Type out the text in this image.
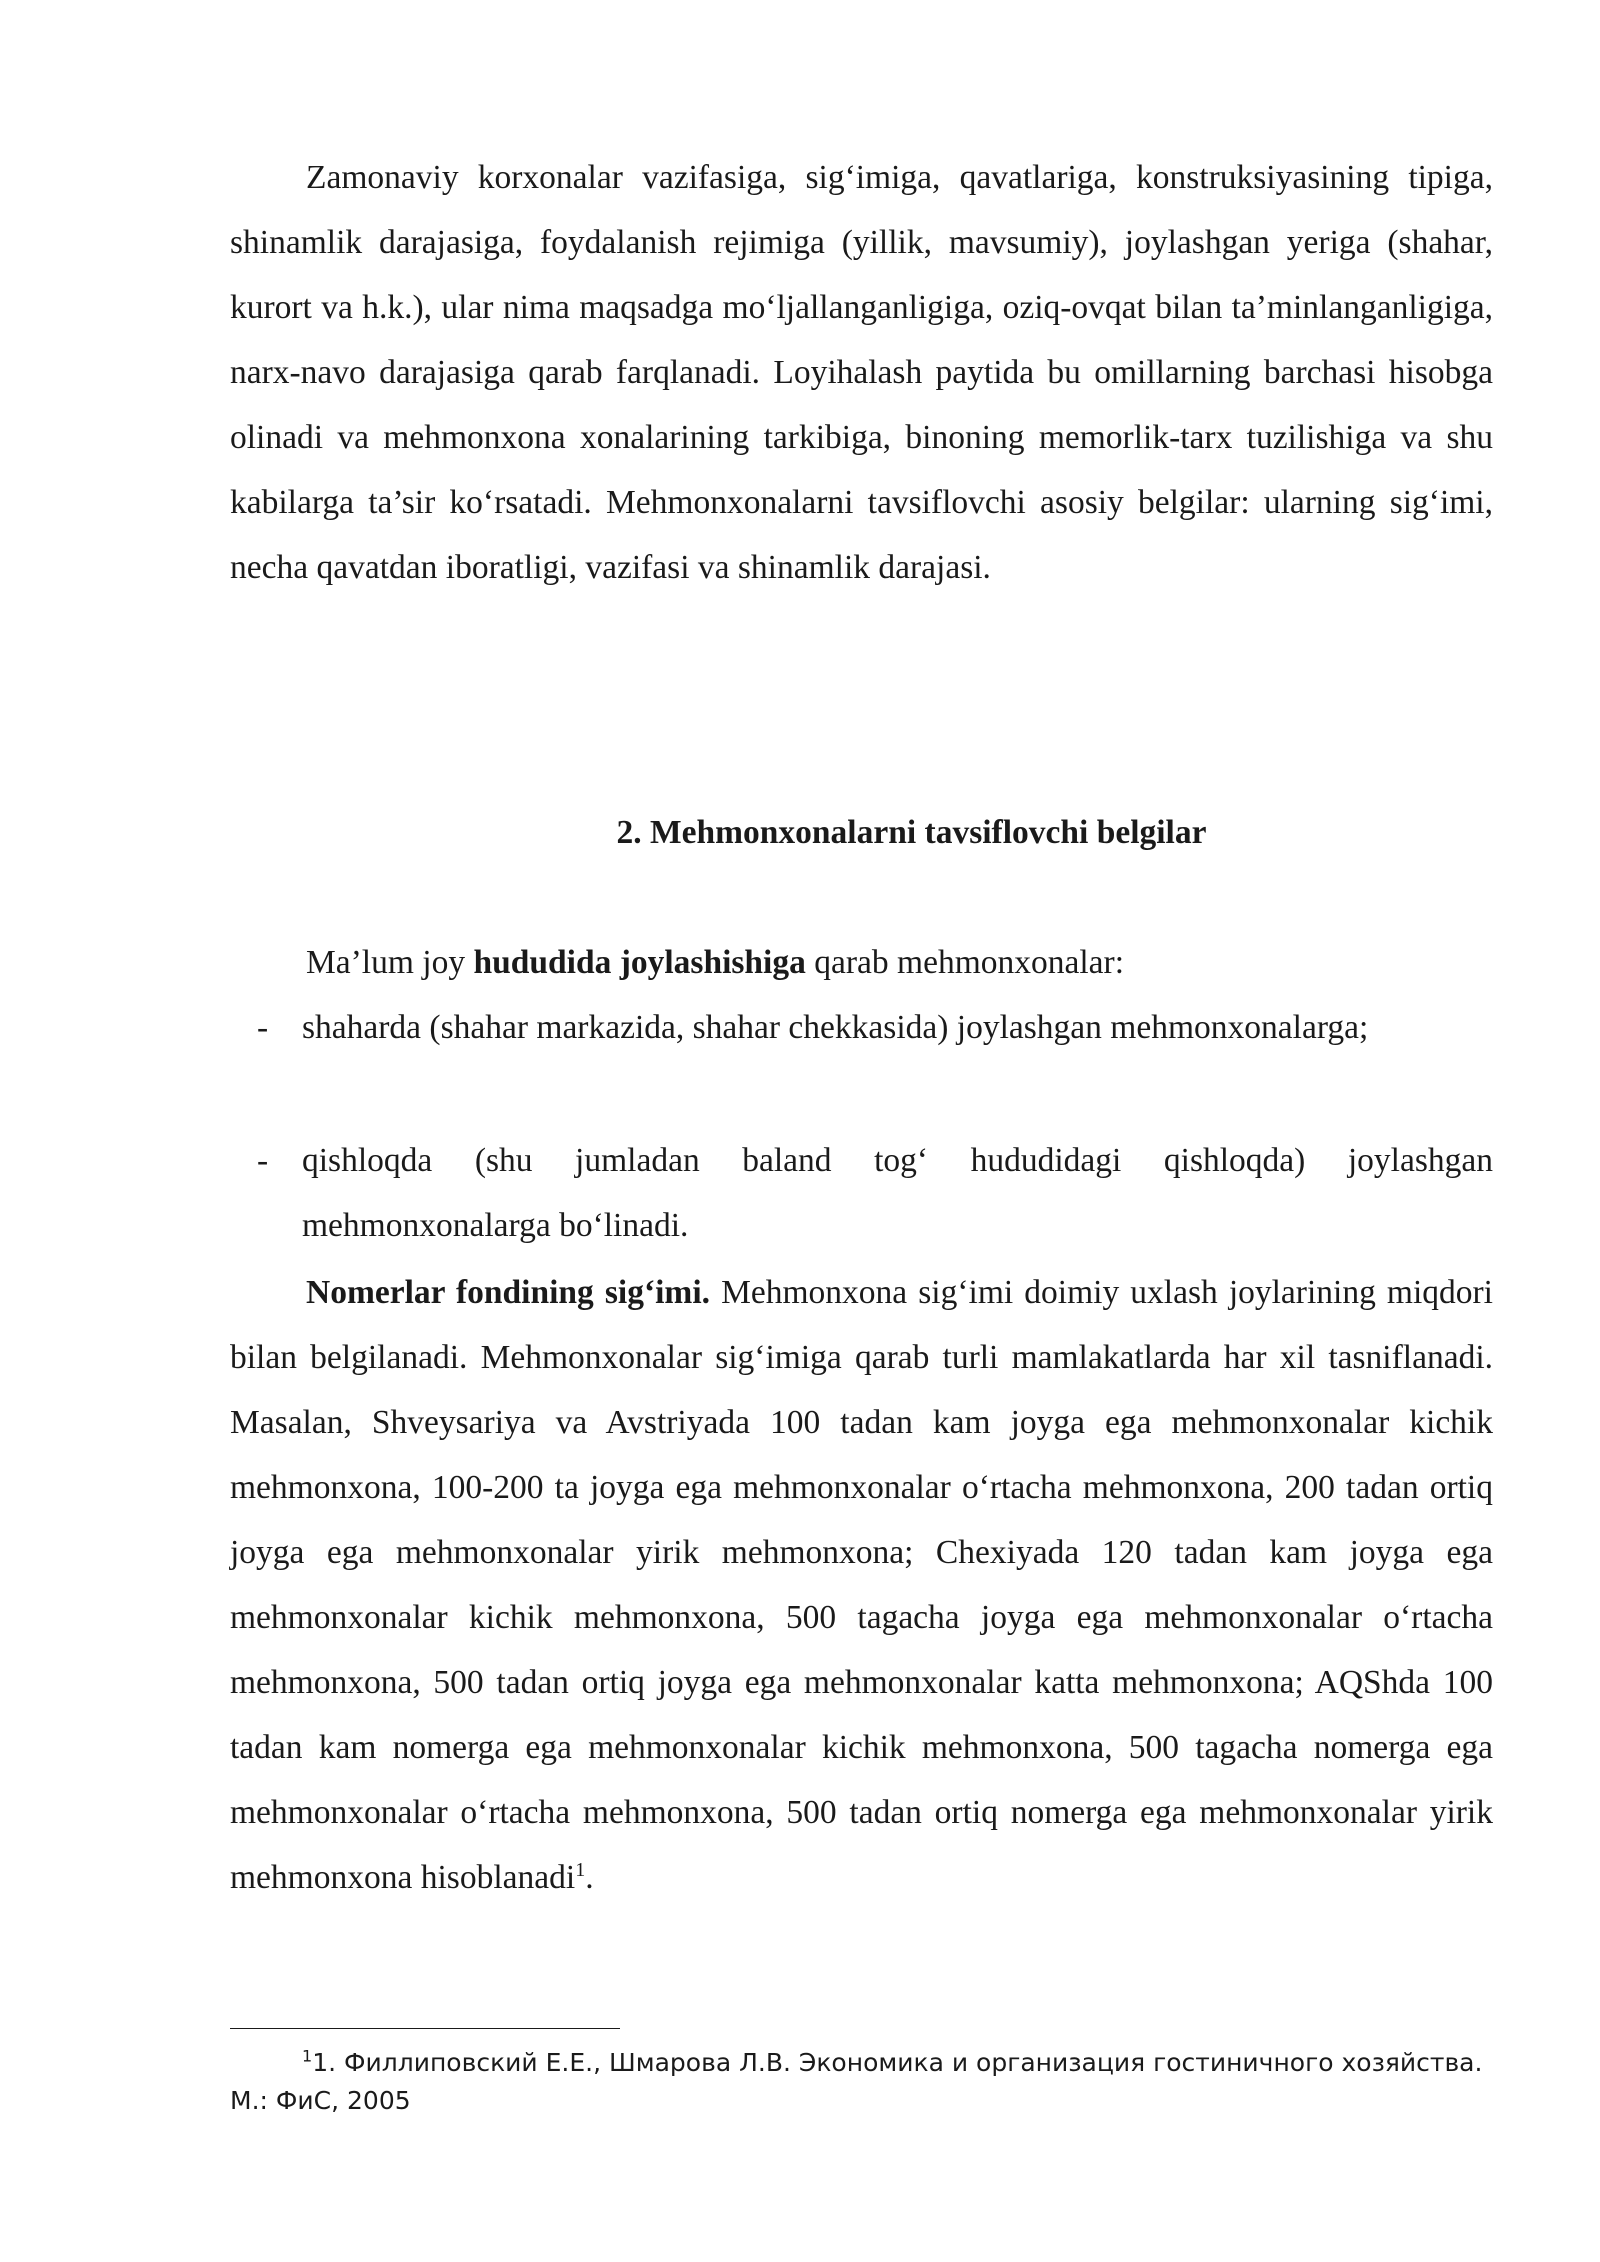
Zamonaviy korxonalar vazifasiga, sig‘imiga, qavatlariga, konstruksiyasining tipiga, shinamlik darajasiga, foydalanish rejimiga (yillik, mavsumiy), joylashgan yeriga (shahar, kurort va h.k.), ular nima maqsadga mo‘ljallanganligiga, oziq-ovqat bilan ta’minlanganligiga, narx-navo darajasiga qarab farqlanadi. Loyihalash paytida bu omillarning barchasi hisobga olinadi va mehmonxona xonalarining tarkibiga, binoning memorlik-tarx tuzilishiga va shu kabilarga ta’sir ko‘rsatadi. Mehmonxonalarni tavsiflovchi asosiy belgilar: ularning sig‘imi, necha qavatdan iboratligi, vazifasi va shinamlik darajasi.

2. Mehmonxonalarni tavsiflovchi belgilar

Ma’lum joy hududida joylashishiga qarab mehmonxonalar:

- shaharda (shahar markazida, shahar chekkasida) joylashgan mehmonxonalarga;
- qishloqda (shu jumladan baland tog‘ hududidagi qishloqda) joylashgan mehmonxonalarga bo‘linadi.

Nomerlar fondining sig‘imi. Mehmonxona sig‘imi doimiy uxlash joylarining miqdori bilan belgilanadi. Mehmonxonalar sig‘imiga qarab turli mamlakatlarda har xil tasniflanadi. Masalan, Shveysariya va Avstriyada 100 tadan kam joyga ega mehmonxonalar kichik mehmonxona, 100-200 ta joyga ega mehmonxonalar o‘rtacha mehmonxona, 200 tadan ortiq joyga ega mehmonxonalar yirik mehmonxona; Chexiyada 120 tadan kam joyga ega mehmonxonalar kichik mehmonxona, 500 tagacha joyga ega mehmonxonalar o‘rtacha mehmonxona, 500 tadan ortiq joyga ega mehmonxonalar katta mehmonxona; AQShda 100 tadan kam nomerga ega mehmonxonalar kichik mehmonxona, 500 tagacha nomerga ega mehmonxonalar o‘rtacha mehmonxona, 500 tadan ortiq nomerga ega mehmonxonalar yirik mehmonxona hisoblanadi$^1$.

$^1$1. Филлиповский Е.Е., Шмарова Л.В. Экономика и организация гостиничного хозяйства. М.: ФиС, 2005
